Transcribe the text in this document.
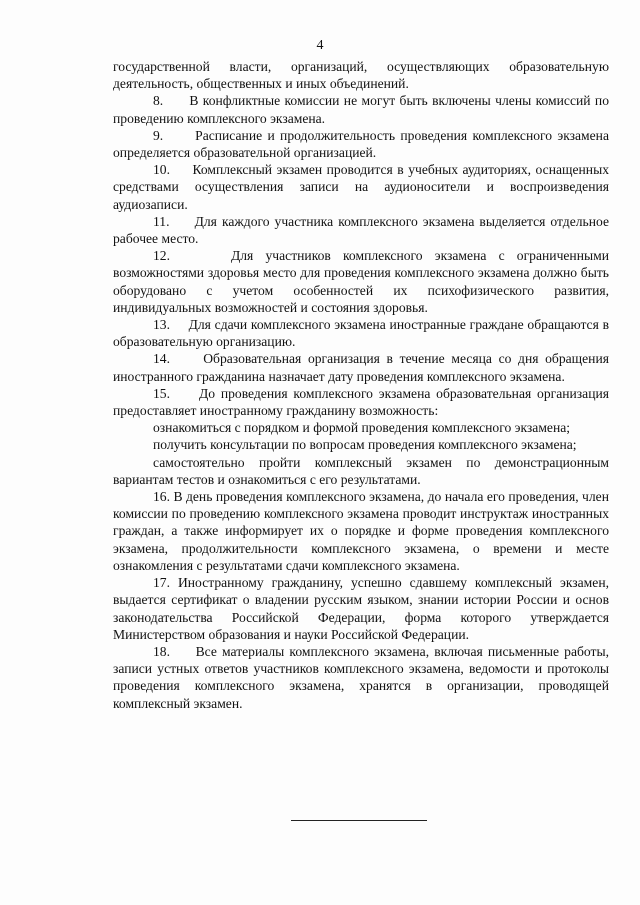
4

государственной власти, организаций, осуществляющих образовательную деятельность, общественных и иных объединений.

8.      В конфликтные комиссии не могут быть включены члены комиссий по проведению комплексного экзамена.

9.      Расписание и продолжительность проведения комплексного экзамена определяется образовательной организацией.

10.     Комплексный экзамен проводится в учебных аудиториях, оснащенных средствами осуществления записи на аудионосители и воспроизведения аудиозаписи.

11.     Для каждого участника комплексного экзамена выделяется отдельное рабочее место.

12.     Для участников комплексного экзамена с ограниченными возможностями здоровья место для проведения комплексного экзамена должно быть оборудовано с учетом особенностей их психофизического развития, индивидуальных возможностей и состояния здоровья.

13.     Для сдачи комплексного экзамена иностранные граждане обращаются в образовательную организацию.

14.     Образовательная организация в течение месяца со дня обращения иностранного гражданина назначает дату проведения комплексного экзамена.

15.     До проведения комплексного экзамена образовательная организация предоставляет иностранному гражданину возможность:

ознакомиться с порядком и формой проведения комплексного экзамена;

получить консультации по вопросам проведения комплексного экзамена;

самостоятельно пройти комплексный экзамен по демонстрационным вариантам тестов и ознакомиться с его результатами.

16. В день проведения комплексного экзамена, до начала его проведения, член комиссии по проведению комплексного экзамена проводит инструктаж иностранных граждан, а также информирует их о порядке и форме проведения комплексного экзамена, продолжительности комплексного экзамена, о времени и месте ознакомления с результатами сдачи комплексного экзамена.

17. Иностранному гражданину, успешно сдавшему комплексный экзамен, выдается сертификат о владении русским языком, знании истории России и основ законодательства Российской Федерации, форма которого утверждается Министерством образования и науки Российской Федерации.

18.     Все материалы комплексного экзамена, включая письменные работы, записи устных ответов участников комплексного экзамена, ведомости и протоколы проведения комплексного экзамена, хранятся в организации, проводящей комплексный экзамен.
